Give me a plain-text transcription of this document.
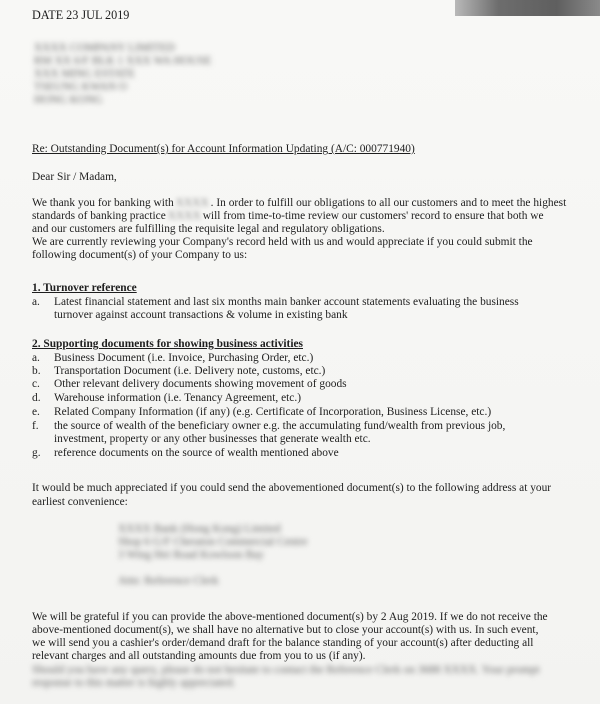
DATE 23 JUL 2019
XXXX COMPANY LIMITED
RM XX 6/F BLK 1 XXX WA HOUSE
XXX MING ESTATE
TSEUNG KWAN O
HONG KONG
Re: Outstanding Document(s) for Account Information Updating (A/C: 000771940)
Dear Sir / Madam,
We thank you for banking with XXXX . In order to fulfill our obligations to all our customers and to meet the highest
standards of banking practice XXXX will from time-to-time review our customers' record to ensure that both we
and our customers are fulfilling the requisite legal and regulatory obligations.
We are currently reviewing your Company's record held with us and would appreciate if you could submit the
following document(s) of your Company to us:
1. Turnover reference
a. Latest financial statement and last six months main banker account statements evaluating the business
turnover against account transactions & volume in existing bank
2. Supporting documents for showing business activities
a. Business Document (i.e. Invoice, Purchasing Order, etc.)
b. Transportation Document (i.e. Delivery note, customs, etc.)
c. Other relevant delivery documents showing movement of goods
d. Warehouse information (i.e. Tenancy Agreement, etc.)
e. Related Company Information (if any) (e.g. Certificate of Incorporation, Business License, etc.)
f. the source of wealth of the beneficiary owner e.g. the accumulating fund/wealth from previous job,
investment, property or any other businesses that generate wealth etc.
g. reference documents on the source of wealth mentioned above
It would be much appreciated if you could send the abovementioned document(s) to the following address at your
earliest convenience:
XXXX Bank (Hong Kong) Limited
Shop 6 G/F Cheraton Commercial Centre
3 Wing Hei Road Kowloon Bay
Attn: Reference Clerk
We will be grateful if you can provide the above-mentioned document(s) by 2 Aug 2019. If we do not receive the
above-mentioned document(s), we shall have no alternative but to close your account(s) with us. In such event,
we will send you a cashier's order/demand draft for the balance standing of your account(s) after deducting all
relevant charges and all outstanding amounts due from you to us (if any).
Should you have any query, please do not hesitate to contact the Reference Clerk on 3688 XXXX. Your prompt
response to this matter is highly appreciated.
